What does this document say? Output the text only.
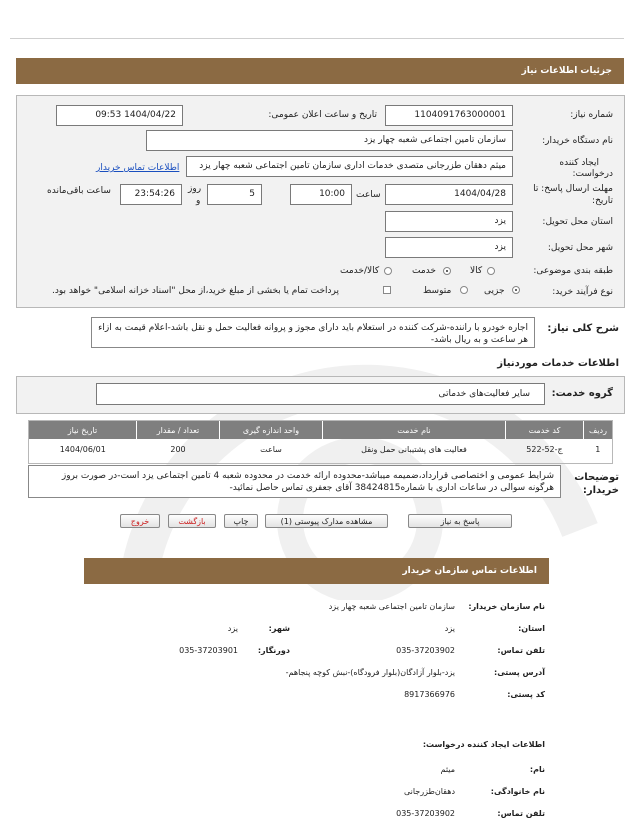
جزئیات اطلاعات نیاز
شماره نیاز:
1104091763000001
تاریخ و ساعت اعلان عمومی:
1404/04/22 09:53
نام دستگاه خریدار:
سازمان تامین اجتماعی شعبه چهار یزد
ایجاد کننده
درخواست:
میثم دهقان طزرجانی متصدی خدمات اداری سازمان تامین اجتماعی شعبه چهار یزد
اطلاعات تماس خریدار
مهلت ارسال پاسخ: تا
تاریخ:
1404/04/28
ساعت
10:00
5
روز
و
23:54:26
ساعت باقی‌مانده
استان محل تحویل:
یزد
شهر محل تحویل:
یزد
طبقه بندی موضوعی:
کالا
خدمت
کالا/خدمت
نوع فرآیند خرید:
جزیی
متوسط
پرداخت تمام یا بخشی از مبلغ خرید،از محل "اسناد خزانه اسلامی" خواهد بود.
شرح کلی نیاز:
اجاره خودرو با راننده-شرکت کننده در استعلام باید دارای مجوز و پروانه فعالیت حمل و نقل باشد-اعلام قیمت به ازاء هر ساعت و به ریال باشد-
اطلاعات خدمات موردنیاز
گروه خدمت:
سایر فعالیت‌های خدماتی
ردیف	کد خدمت	نام خدمت	واحد اندازه گیری	تعداد / مقدار	تاریخ نیاز
1	ج-52-522	فعالیت های پشتیبانی حمل ونقل	ساعت	200	1404/06/01
توضیحات
خریدار:
شرایط عمومی و اختصاصی قرارداد،ضمیمه میباشد-محدوده ارائه خدمت در محدوده شعبه 4 تامین اجتماعی یزد است-در صورت بروز هرگونه سوالی در ساعات اداری با شماره38424815 آقای جعفری تماس حاصل نمائید-
پاسخ به نیاز
مشاهده مدارک پیوستی (1)
چاپ
بازگشت
خروج
اطلاعات تماس سازمان خریدار
نام سازمان خریدار:
سازمان تامین اجتماعی شعبه چهار یزد
استان:
یزد
شهر:
یزد
تلفن تماس:
035-37203902
دورنگار:
035-37203901
آدرس پستی:
یزد-بلوار آزادگان(بلوار فرودگاه)-نبش کوچه پنجاهم-
کد پستی:
8917366976
اطلاعات ایجاد کننده درخواست:
نام:
میثم
نام خانوادگی:
دهقان‌طزرجانی
تلفن تماس:
035-37203902
